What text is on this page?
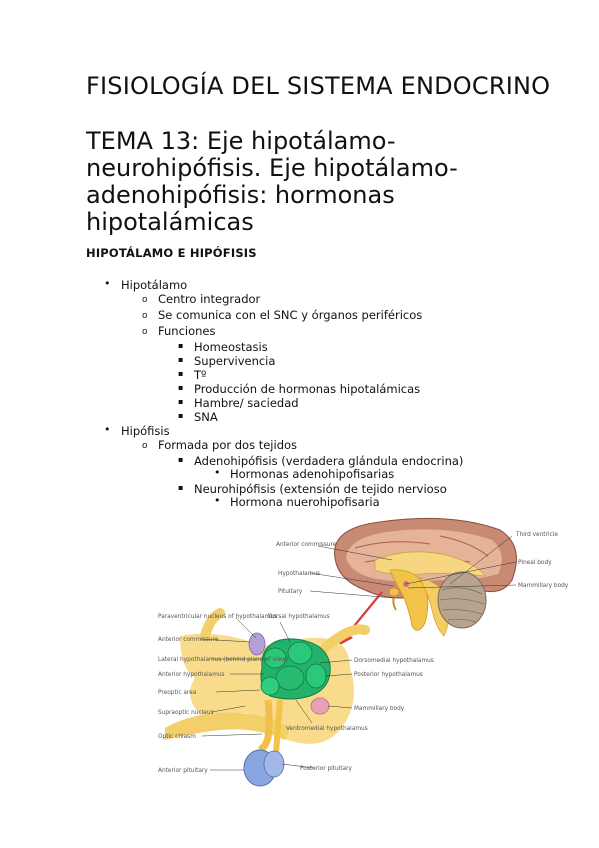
FISIOLOGÍA DEL SISTEMA ENDOCRINO
TEMA 13: Eje hipotálamo-
neurohipófisis. Eje hipotálamo-
adenohipófisis: hormonas
hipotalámicas
HIPOTÁLAMO E HIPÓFISIS
• Hipotálamo
o Centro integrador
o Se comunica con el SNC y órganos periféricos
o Funciones
▪ Homeostasis
▪ Supervivencia
▪ Tº
▪ Producción de hormonas hipotalámicas
▪ Hambre/ saciedad
▪ SNA
• Hipófisis
o Formada por dos tejidos
▪ Adenohipófisis (verdadera glándula endocrina)
• Hormonas adenohipofisarias
▪ Neurohipófisis (extensión de tejido nervioso
• Hormona nuerohipofisaria
Anterior commissure
Hypothalamus
Pituitary
Third ventricle
Pineal body
Mammillary body
Paraventricular nucleus of hypothalamus
Anterior commissure
Lateral hypothalamus (behind plane of view)
Anterior hypothalamus
Preoptic area
Supraoptic nucleus
Optic chiasm
Anterior pituitary
Dorsal hypothalamus
Dorsomedial hypothalamus
Posterior hypothalamus
Mammillary body
Ventromedial hypothalamus
Posterior pituitary
